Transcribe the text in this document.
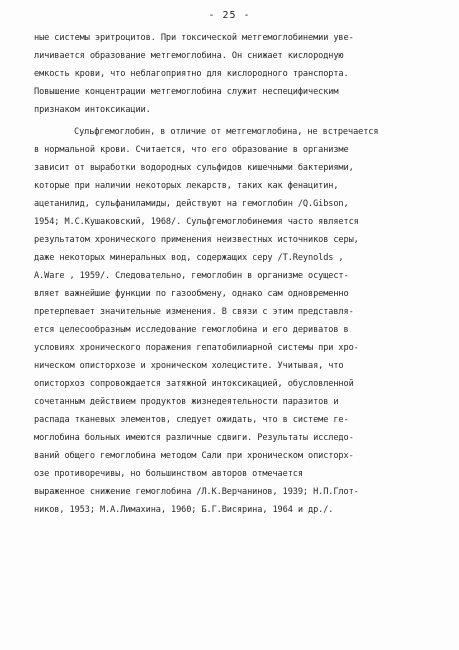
- 25 -
ные системы эритроцитов. При токсической метгемоглобинемии уве-
личивается образование метгемоглобина. Он снижает кислородную
емкость крови, что неблагоприятно для кислородного транспорта.
Повышение концентрации метгемоглобина служит неспецифическим
признаком интоксикации.
Сульфгемоглобин, в отличие от метгемоглобина, не встречается
в нормальной крови. Считается, что его образование в организме
зависит от выработки водородных сульфидов кишечными бактериями,
которые при наличии некоторых лекарств, таких как фенацитин,
ацетанилид, сульфаниламиды, действуют на гемоглобин /Q.Gibson,
1954; М.С.Кушаковский, 1968/. Сульфгемоглобинемия часто является
результатом хронического применения неизвестных источников серы,
даже некоторых минеральных вод, содержащих серу /T.Reynolds ,
A.Ware , 1959/. Следовательно, гемоглобин в организме осущест-
вляет важнейшие функции по газообмену, однако сам одновременно
претерпевает значительные изменения. В связи с этим представля-
ется целесообразным исследование гемоглобина и его дериватов в
условиях хронического поражения гепатобилиарной системы при хро-
ническом описторхозе и хроническом холецистите. Учитывая, что
описторхоз сопровождается затяжной интоксикацией, обусловленной
сочетанным действием продуктов жизнедеятельности паразитов и
распада тканевых элементов, следует ожидать, что в системе ге-
моглобина больных имеются различные сдвиги. Результаты исследо-
ваний общего гемоглобина методом Сали при хроническом описторх-
озе противоречивы, но большинством авторов отмечается
выраженное снижение гемоглобина /Л.К.Верчанинов, 1939; Н.П.Глот-
ников, 1953; М.А.Лимахина, 1960; Б.Г.Висярина, 1964 и др./.
